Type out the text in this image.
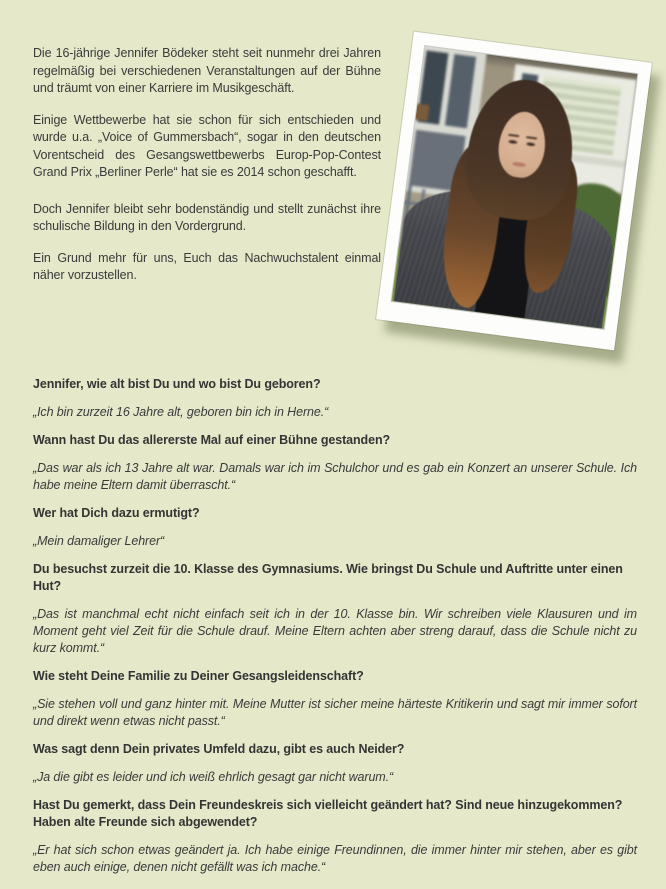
Die 16-jährige Jennifer Bödeker steht seit nunmehr drei Jahren regelmäßig bei verschiedenen Veranstaltungen auf der Bühne und träumt von einer Karriere im Musikgeschäft.

Einige Wettbewerbe hat sie schon für sich entschieden und wurde u.a. „Voice of Gummersbach“, sogar in den deutschen Vorentscheid des Gesangswettbewerbs Europ-Pop-Contest Grand Prix „Berliner Perle“ hat sie es 2014 schon geschafft.

Doch Jennifer bleibt sehr bodenständig und stellt zunächst ihre schulische Bildung in den Vordergrund.

Ein Grund mehr für uns, Euch das Nachwuchstalent einmal näher vorzustellen.

Jennifer, wie alt bist Du und wo bist Du geboren?

„Ich bin zurzeit 16 Jahre alt, geboren bin ich in Herne.“

Wann hast Du das allererste Mal auf einer Bühne gestanden?

„Das war als ich 13 Jahre alt war. Damals war ich im Schulchor und es gab ein Konzert an unserer Schule. Ich habe meine Eltern damit überrascht.“

Wer hat Dich dazu ermutigt?

„Mein damaliger Lehrer“

Du besuchst zurzeit die 10. Klasse des Gymnasiums. Wie bringst Du Schule und Auftritte unter einen Hut?

„Das ist manchmal echt nicht einfach seit ich in der 10. Klasse bin. Wir schreiben viele Klausuren und im Moment geht viel Zeit für die Schule drauf. Meine Eltern achten aber streng darauf, dass die Schule nicht zu kurz kommt.“

Wie steht Deine Familie zu Deiner Gesangsleidenschaft?

„Sie stehen voll und ganz hinter mit. Meine Mutter ist sicher meine härteste Kritikerin und sagt mir immer sofort und direkt wenn etwas nicht passt.“

Was sagt denn Dein privates Umfeld dazu, gibt es auch Neider?

„Ja die gibt es leider und ich weiß ehrlich gesagt gar nicht warum.“

Hast Du gemerkt, dass Dein Freundeskreis sich vielleicht geändert hat? Sind neue hinzugekommen? Haben alte Freunde sich abgewendet?

„Er hat sich schon etwas geändert ja. Ich habe einige Freundinnen, die immer hinter mir stehen, aber es gibt eben auch einige, denen nicht gefällt was ich mache.“
